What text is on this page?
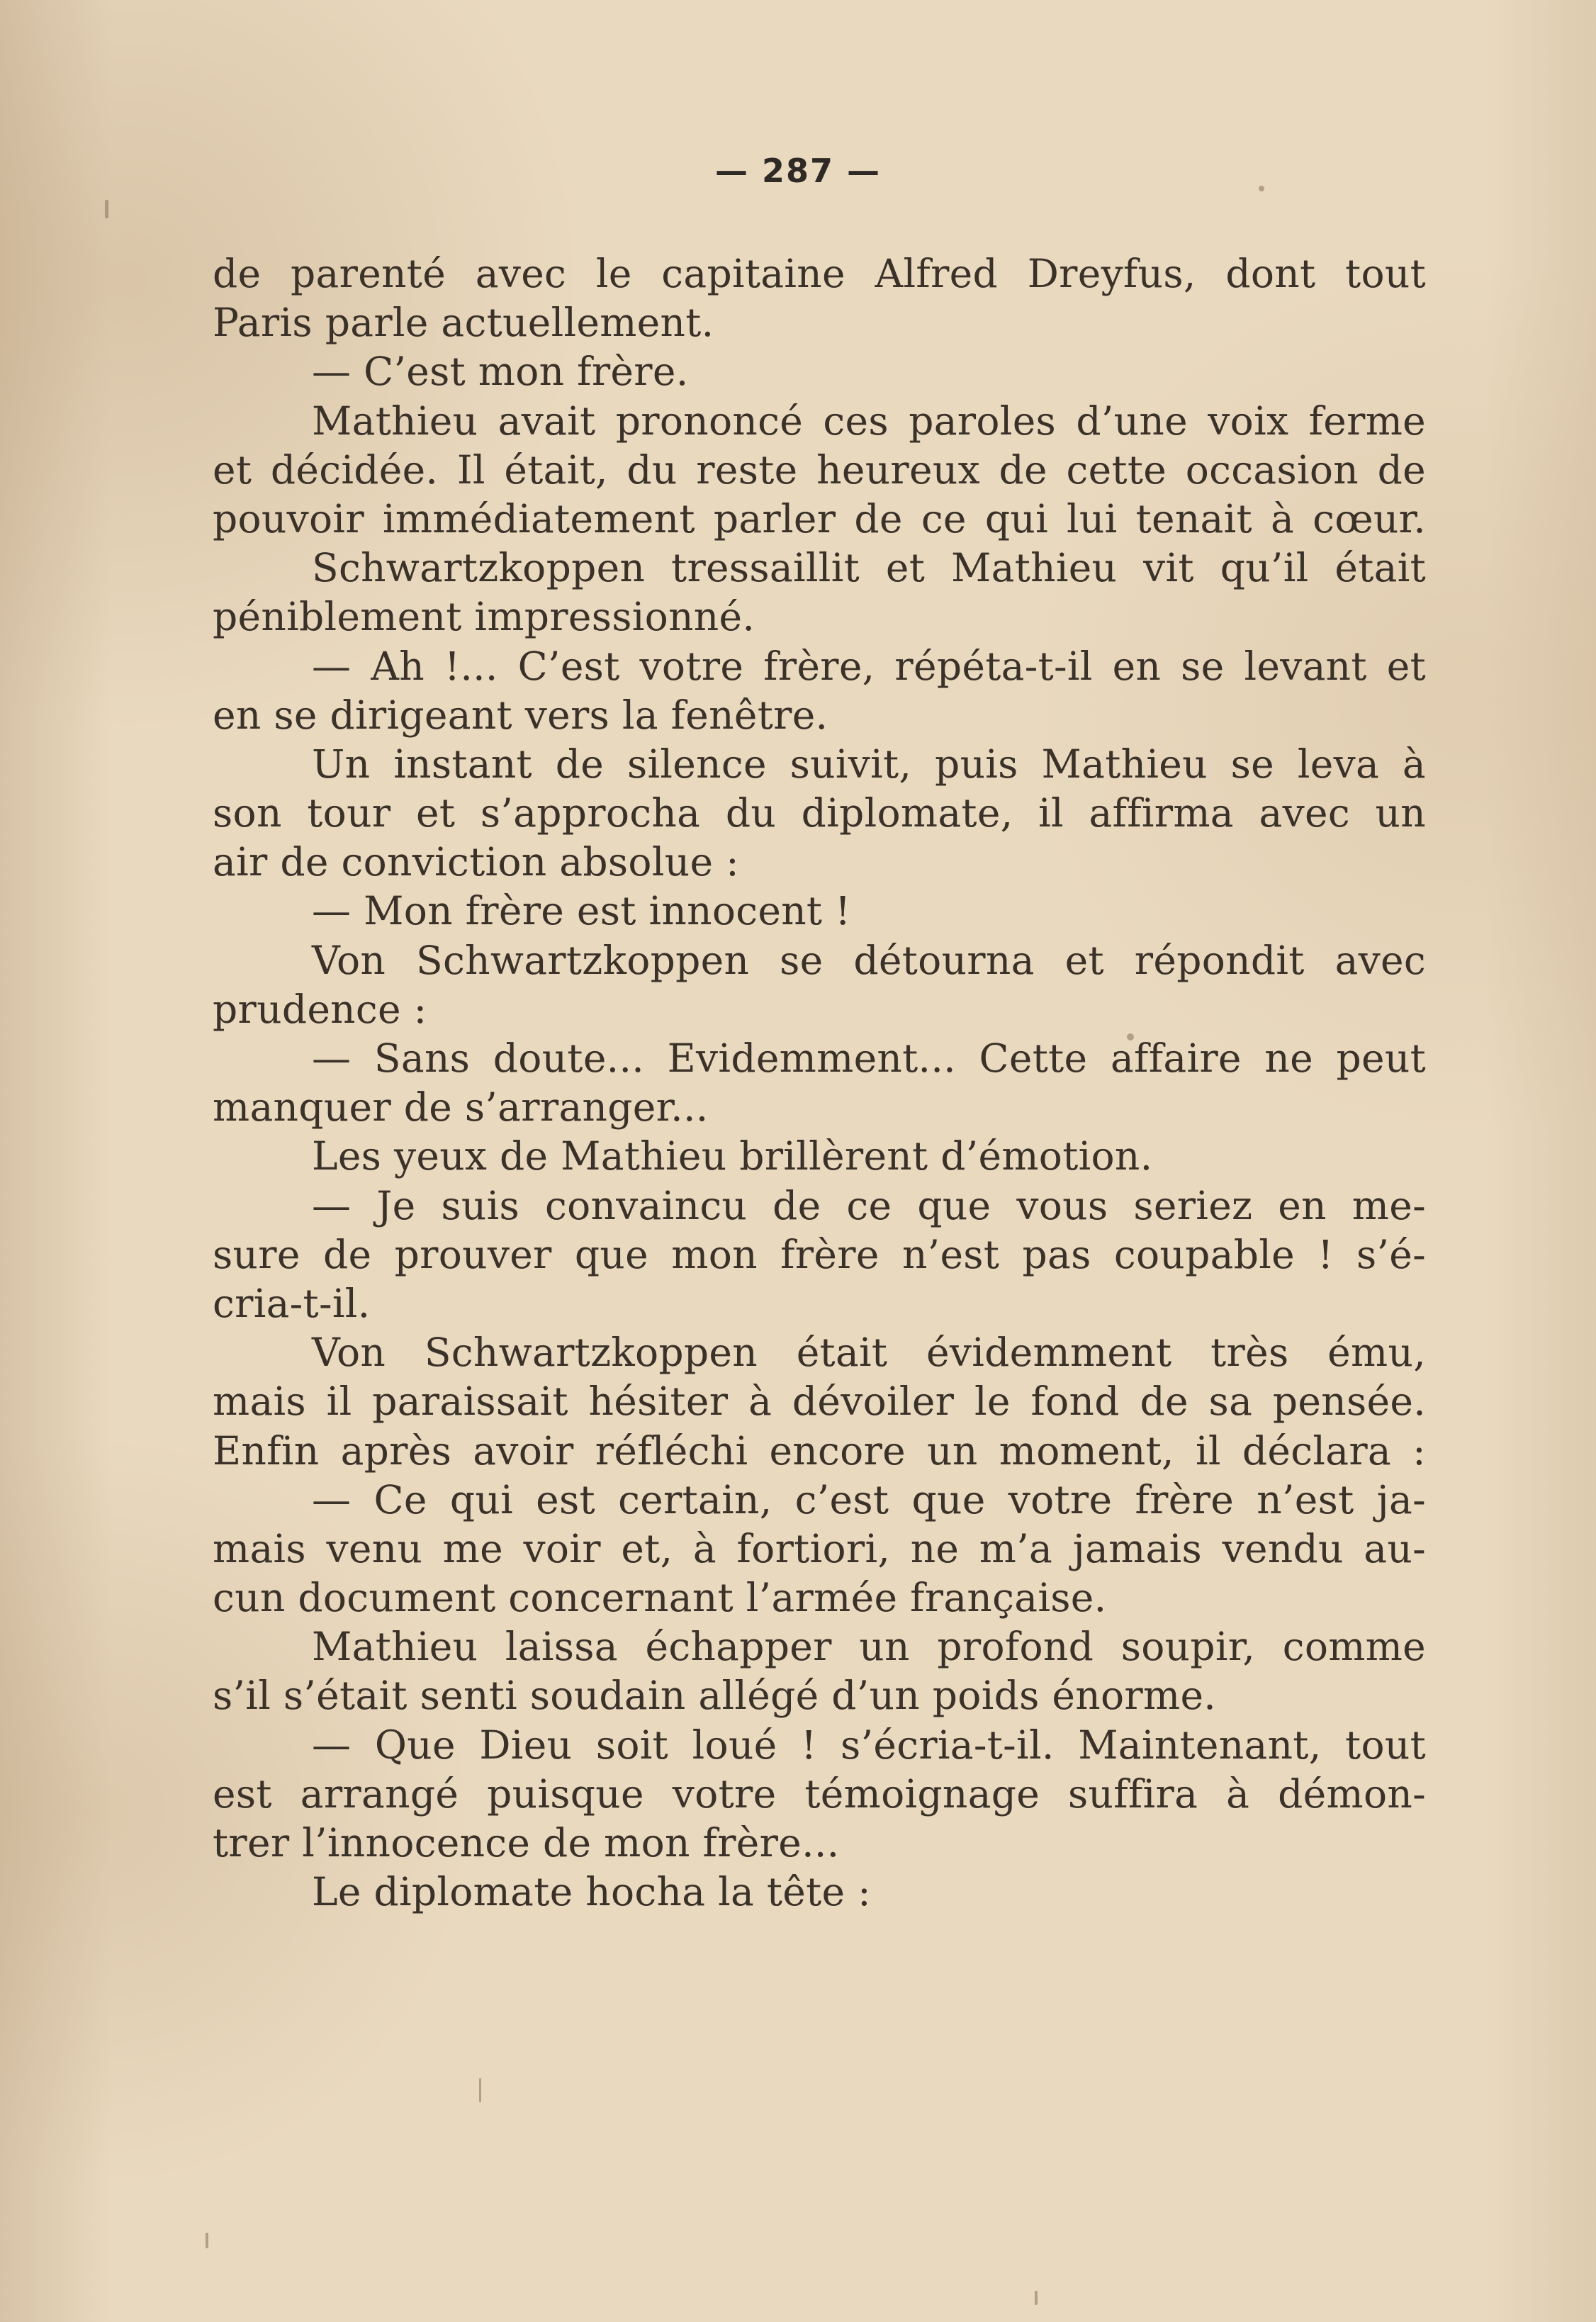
— 287 —
de parenté avec le capitaine Alfred Dreyfus, dont tout
Paris parle actuellement.
— C’est mon frère.
Mathieu avait prononcé ces paroles d’une voix ferme
et décidée. Il était, du reste heureux de cette occasion de
pouvoir immédiatement parler de ce qui lui tenait à cœur.
Schwartzkoppen tressaillit et Mathieu vit qu’il était
péniblement impressionné.
— Ah !... C’est votre frère, répéta-t-il en se levant et
en se dirigeant vers la fenêtre.
Un instant de silence suivit, puis Mathieu se leva à
son tour et s’approcha du diplomate, il affirma avec un
air de conviction absolue :
— Mon frère est innocent !
Von Schwartzkoppen se détourna et répondit avec
prudence :
— Sans doute... Evidemment... Cette affaire ne peut
manquer de s’arranger...
Les yeux de Mathieu brillèrent d’émotion.
— Je suis convaincu de ce que vous seriez en me-
sure de prouver que mon frère n’est pas coupable ! s’é-
cria-t-il.
Von Schwartzkoppen était évidemment très ému,
mais il paraissait hésiter à dévoiler le fond de sa pensée.
Enfin après avoir réfléchi encore un moment, il déclara :
— Ce qui est certain, c’est que votre frère n’est ja-
mais venu me voir et, à fortiori, ne m’a jamais vendu au-
cun document concernant l’armée française.
Mathieu laissa échapper un profond soupir, comme
s’il s’était senti soudain allégé d’un poids énorme.
— Que Dieu soit loué ! s’écria-t-il. Maintenant, tout
est arrangé puisque votre témoignage suffira à démon-
trer l’innocence de mon frère...
Le diplomate hocha la tête :
